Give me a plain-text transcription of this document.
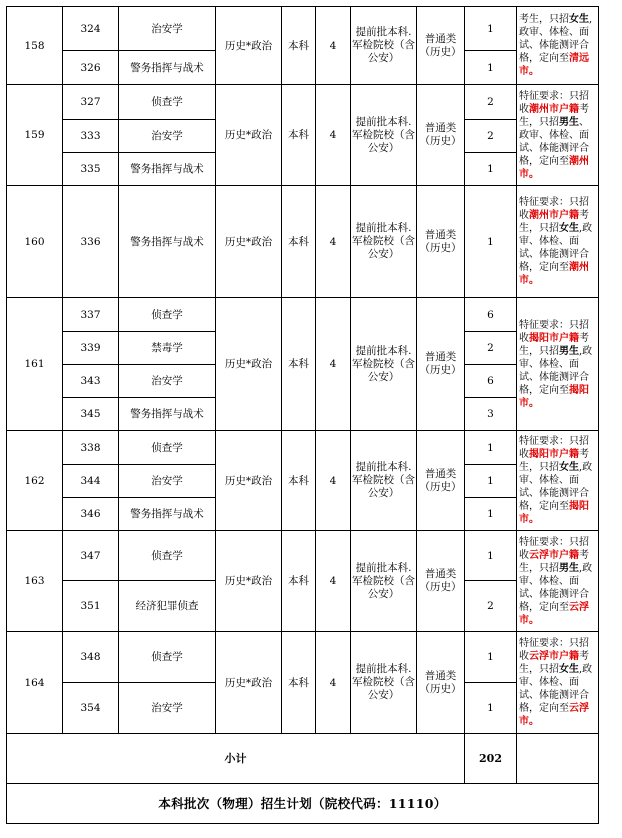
158	324	治安学	历史*政治	本科	4	提前批本科.军检院校（含公安）	普通类（历史）	1	考生，只招女生,政审、体检、面试、体能测评合格，定向至清远市。
	326	警务指挥与战术						1	
159	327	侦查学	历史*政治	本科	4	提前批本科.军检院校（含公安）	普通类（历史）	2	特征要求：只招收潮州市户籍考生，只招男生、政审、体检、面试、体能测评合格，定向至潮州市。
	333	治安学						2	
	335	警务指挥与战术						1	
160	336	警务指挥与战术	历史*政治	本科	4	提前批本科.军检院校（含公安）	普通类（历史）	1	特征要求：只招收潮州市户籍考生，只招女生,政审、体检、面试、体能测评合格，定向至潮州市。
161	337	侦查学	历史*政治	本科	4	提前批本科.军检院校（含公安）	普通类（历史）	6	特征要求：只招收揭阳市户籍考生，只招男生,政审、体检、面试、体能测评合格，定向至揭阳市。
	339	禁毒学						2	
	343	治安学						6	
	345	警务指挥与战术						3	
162	338	侦查学	历史*政治	本科	4	提前批本科.军检院校（含公安）	普通类（历史）	1	特征要求：只招收揭阳市户籍考生，只招女生,政审、体检、面试、体能测评合格，定向至揭阳市。
	344	治安学						1	
	346	警务指挥与战术						1	
163	347	侦查学	历史*政治	本科	4	提前批本科.军检院校（含公安）	普通类（历史）	1	特征要求：只招收云浮市户籍考生，只招男生,政审、体检、面试、体能测评合格，定向至云浮市。
	351	经济犯罪侦查						2	
164	348	侦查学	历史*政治	本科	4	提前批本科.军检院校（含公安）	普通类（历史）	1	特征要求：只招收云浮市户籍考生，只招女生,政审、体检、面试、体能测评合格，定向至云浮市。
	354	治安学						1	
小计								202	
本科批次（物理）招生计划（院校代码：11110）									
